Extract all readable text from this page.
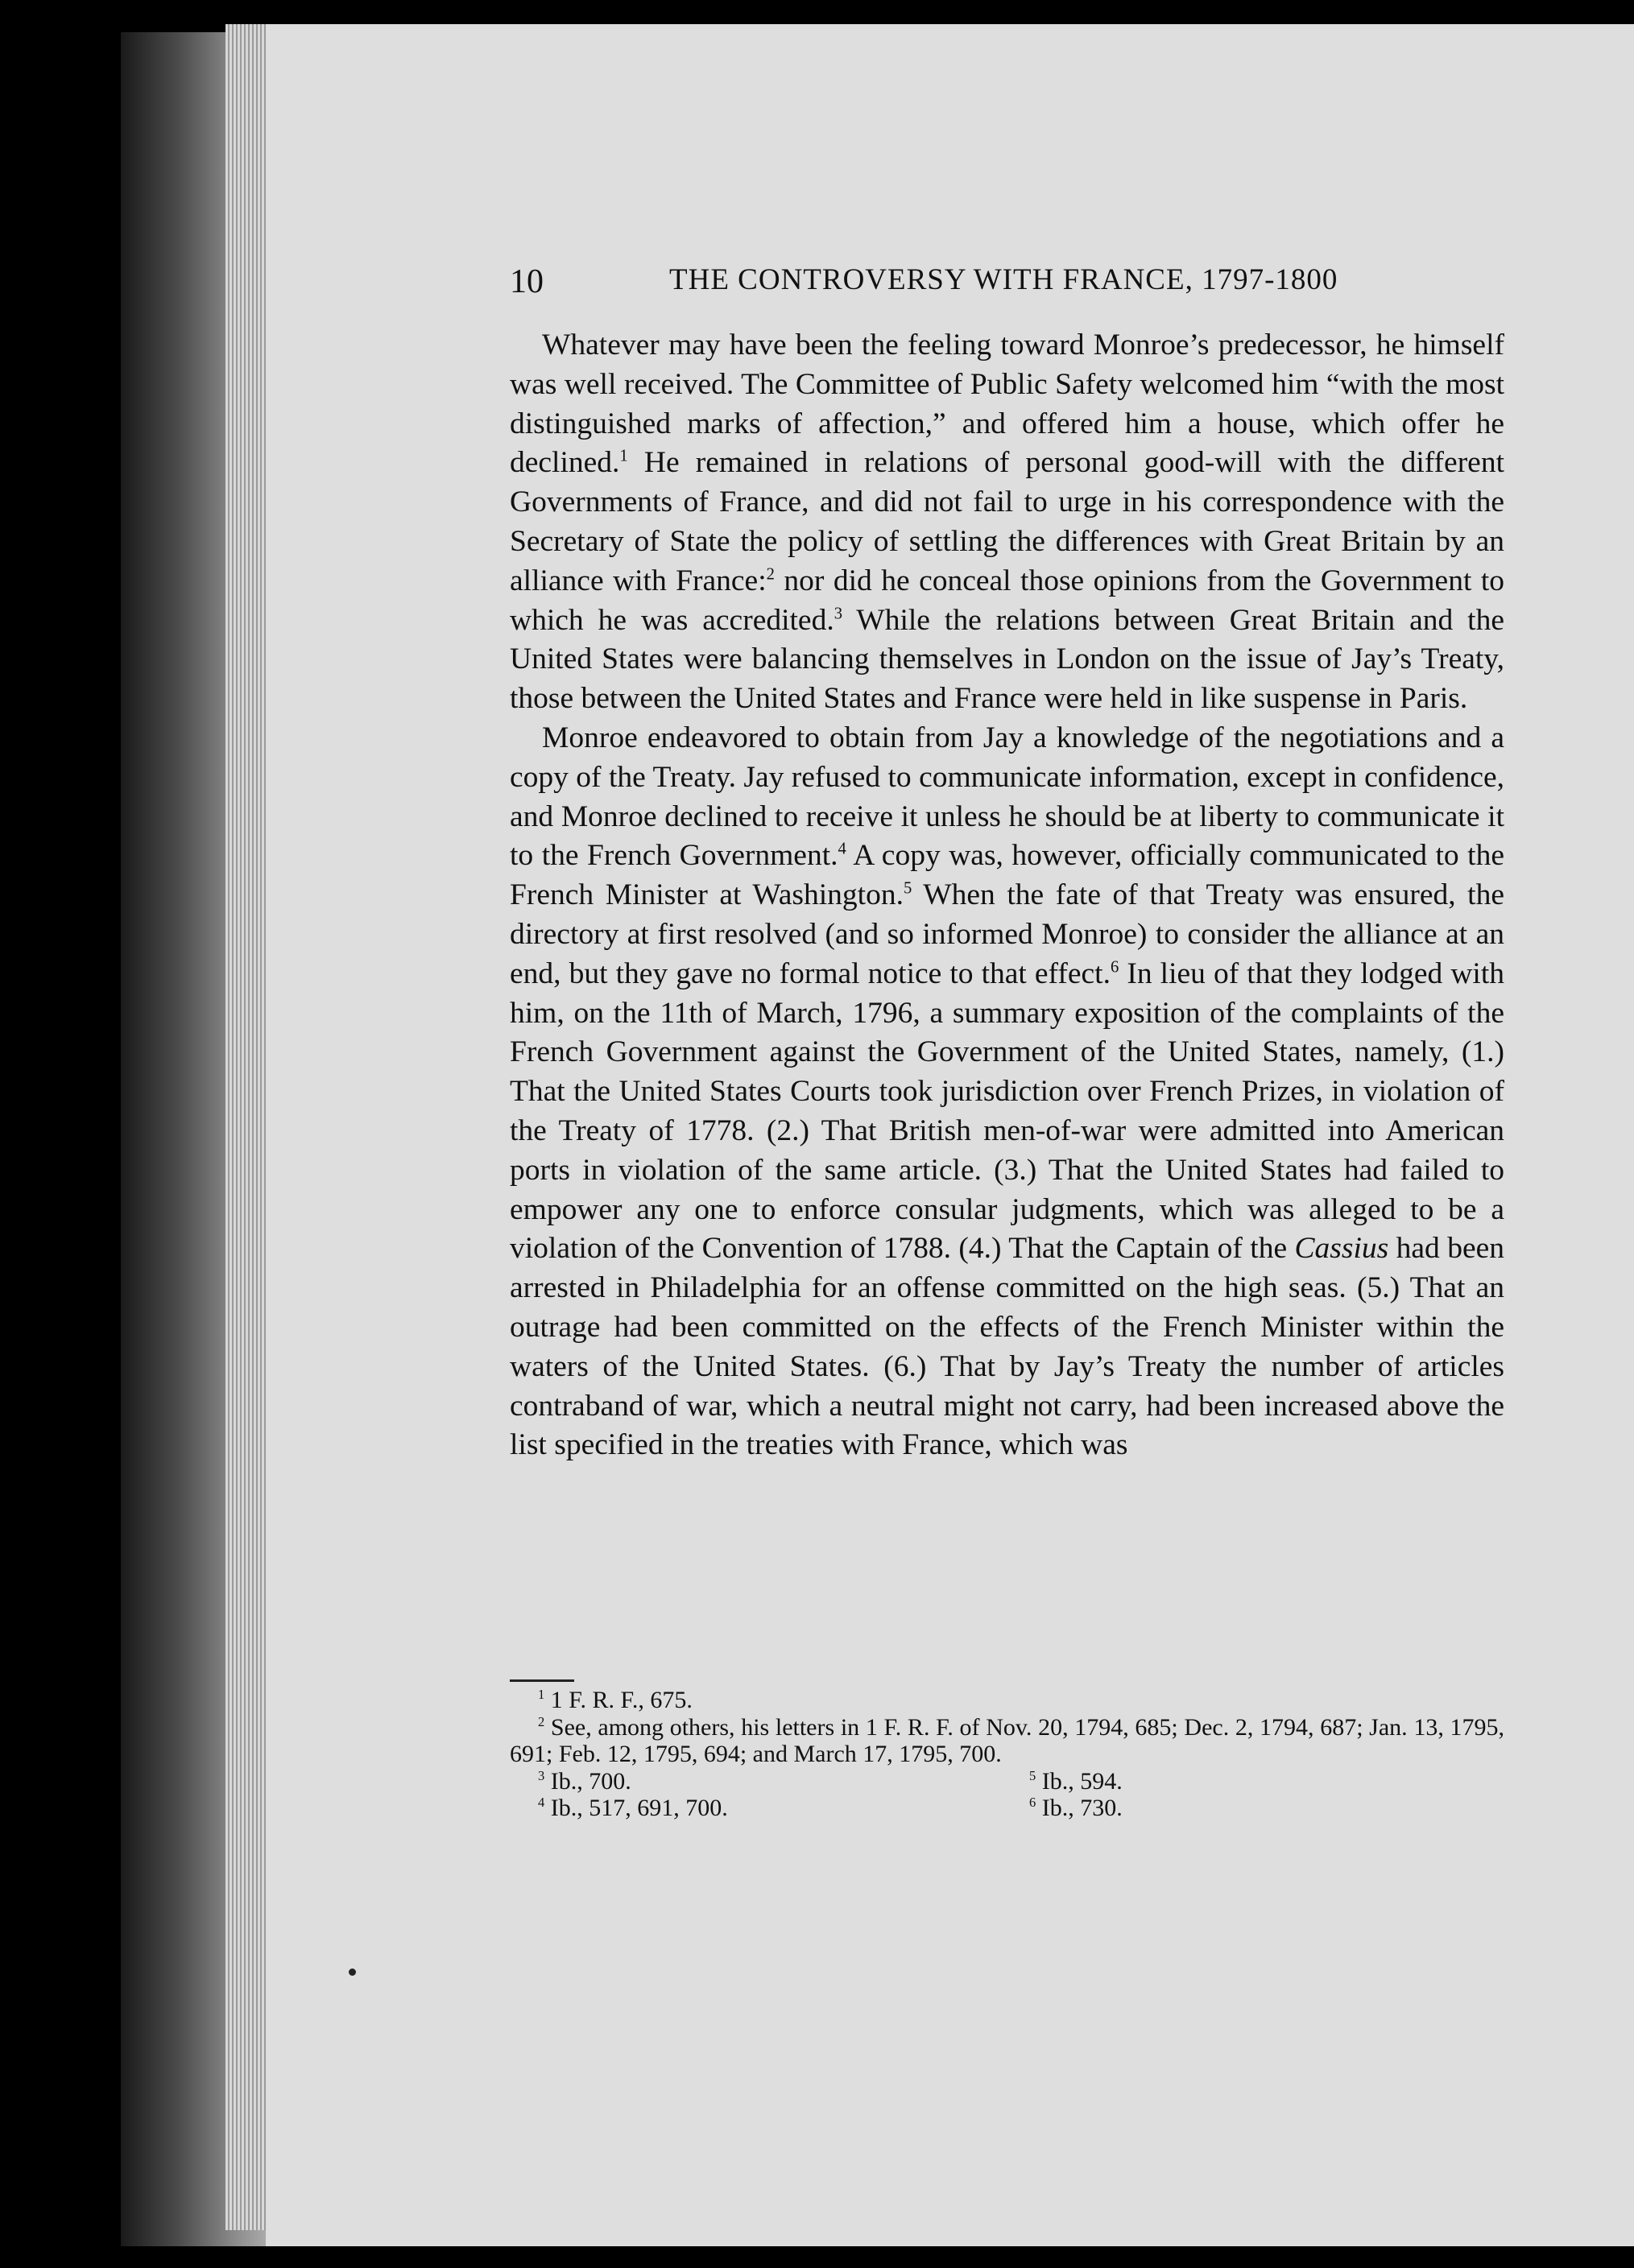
10	THE CONTROVERSY WITH FRANCE, 1797-1800

Whatever may have been the feeling toward Monroe’s predecessor, he himself was well received. The Committee of Public Safety welcomed him “with the most distinguished marks of affection,” and offered him a house, which offer he declined.$^1$ He remained in relations of personal good-will with the different Governments of France, and did not fail to urge in his correspondence with the Secretary of State the policy of settling the differences with Great Britain by an alliance with France:$^2$ nor did he conceal those opinions from the Government to which he was accredited.$^3$ While the relations between Great Britain and the United States were balancing themselves in London on the issue of Jay’s Treaty, those between the United States and France were held in like suspense in Paris.

Monroe endeavored to obtain from Jay a knowledge of the negotiations and a copy of the Treaty. Jay refused to communicate information, except in confidence, and Monroe declined to receive it unless he should be at liberty to communicate it to the French Government.$^4$ A copy was, however, officially communicated to the French Minister at Washington.$^5$ When the fate of that Treaty was ensured, the directory at first resolved (and so informed Monroe) to consider the alliance at an end, but they gave no formal notice to that effect.$^6$ In lieu of that they lodged with him, on the 11th of March, 1796, a summary exposition of the complaints of the French Government against the Government of the United States, namely, (1.) That the United States Courts took jurisdiction over French Prizes, in violation of the Treaty of 1778. (2.) That British men-of-war were admitted into American ports in violation of the same article. (3.) That the United States had failed to empower any one to enforce consular judgments, which was alleged to be a violation of the Convention of 1788. (4.) That the Captain of the Cassius had been arrested in Philadelphia for an offense committed on the high seas. (5.) That an outrage had been committed on the effects of the French Minister within the waters of the United States. (6.) That by Jay’s Treaty the number of articles contraband of war, which a neutral might not carry, had been increased above the list specified in the treaties with France, which was

$^1$ 1 F. R. F., 675.

$^2$ See, among others, his letters in 1 F. R. F. of Nov. 20, 1794, 685; Dec. 2, 1794, 687; Jan. 13, 1795, 691; Feb. 12, 1795, 694; and March 17, 1795, 700.

$^3$ Ib., 700.	$^5$ Ib., 594.
$^4$ Ib., 517, 691, 700.	$^6$ Ib., 730.
